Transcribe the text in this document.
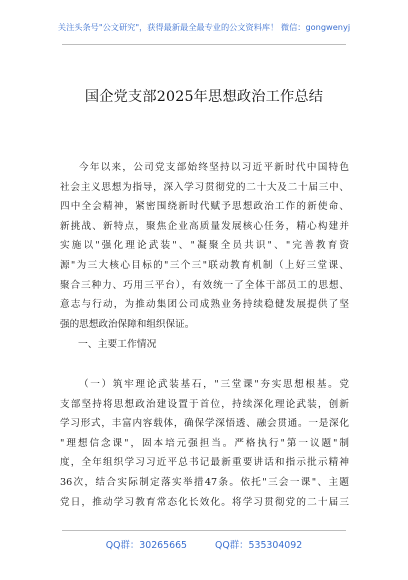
关注头条号"公文研究"，获得最新最全最专业的公文资料库！ 微信：gongwenyj
国企党支部2025年思想政治工作总结
今年以来，公司党支部始终坚持以习近平新时代中国特色
社会主义思想为指导，深入学习贯彻党的二十大及二十届三中、
四中全会精神，紧密围绕新时代赋予思想政治工作的新使命、
新挑战、新特点，聚焦企业高质量发展核心任务，精心构建并
实施以"强化理论武装"、"凝聚全员共识"、"完善教育资
源"为三大核心目标的"三个三"联动教育机制（上好三堂课、
聚合三种力、巧用三平台），有效统一了全体干部员工的思想、
意志与行动，为推动集团公司成熟业务持续稳健发展提供了坚
强的思想政治保障和组织保证。
一、主要工作情况
（一）筑牢理论武装基石，"三堂课"夯实思想根基。党
支部坚持将思想政治建设置于首位，持续深化理论武装，创新
学习形式，丰富内容载体，确保学深悟透、融会贯通。一是深化
"理想信念课"，固本培元强担当。严格执行"第一议题"制
度，全年组织学习习近平总书记最新重要讲话和指示批示精神
36次，结合实际制定落实举措47条。依托"三会一课"、主题
党日，推动学习教育常态化长效化。将学习贯彻党的二十届三
QQ群：30265665	QQ群：535304092
